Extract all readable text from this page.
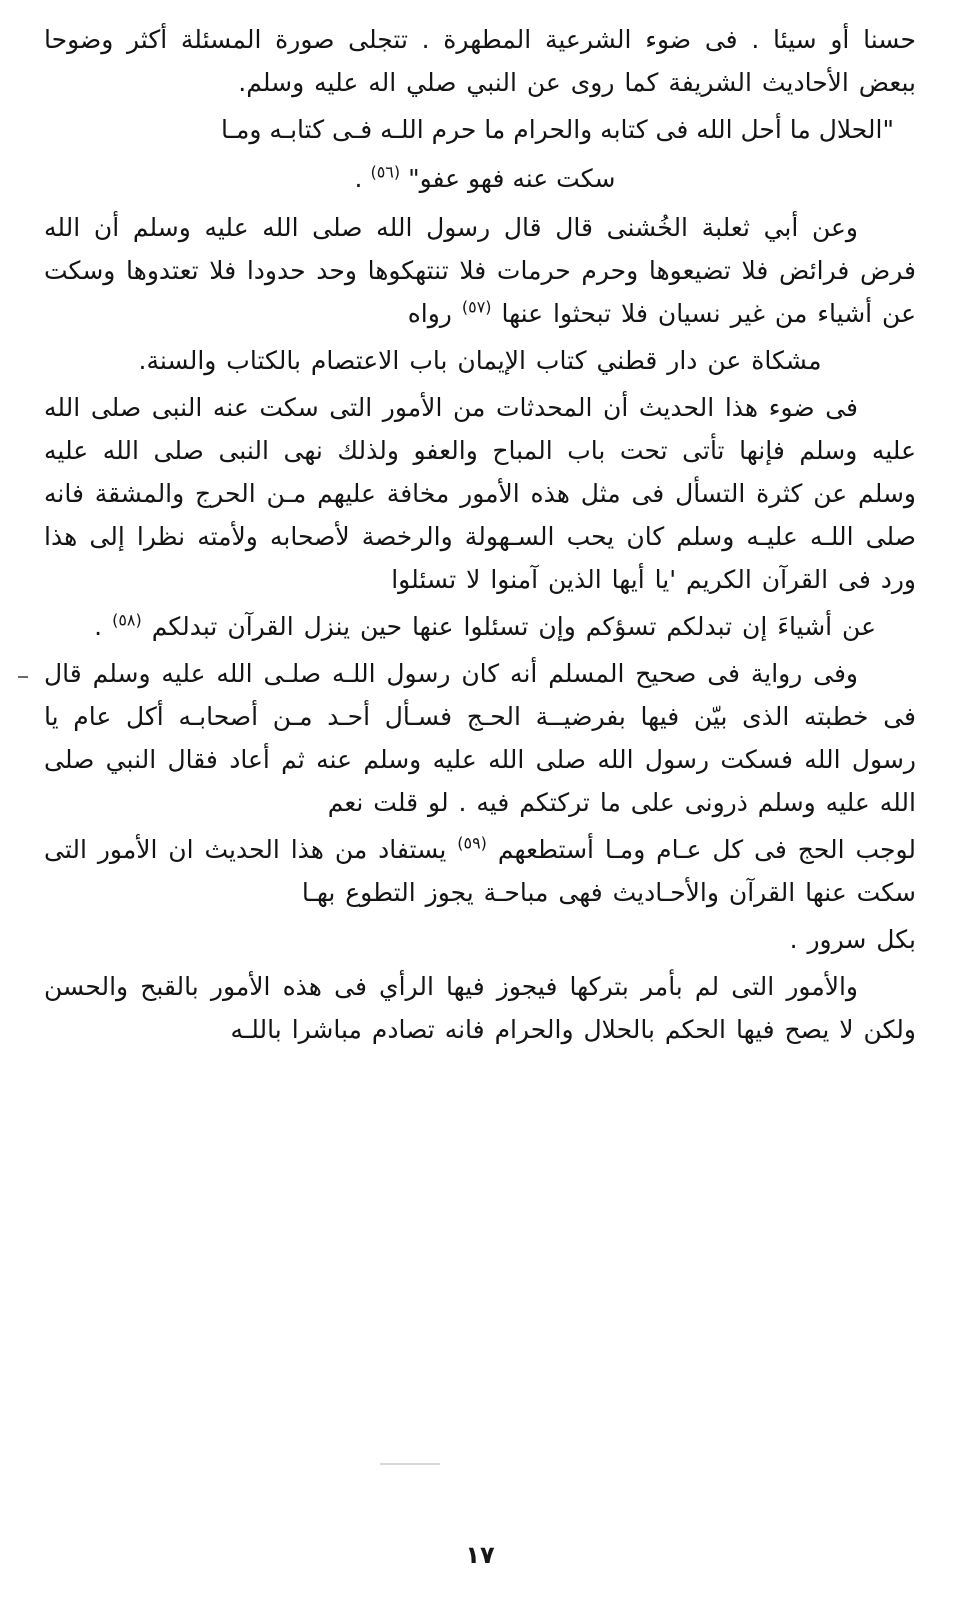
حسنا أو سيئا . فى ضوء الشرعية المطهرة . تتجلى صورة المسئلة أكثر وضوحا ببعض الأحاديث الشريفة كما روى عن النبي صلي اله عليه وسلم.

"الحلال ما أحل الله فى كتابه والحرام ما حرم اللـه فـى كتابـه ومـا

سكت عنه فهو عفو" $^{(٥٦)}$ .

وعن أبي ثعلبة الخُشنى قال قال رسول الله صلى الله عليه وسلم أن الله فرض فرائض فلا تضيعوها وحرم حرمات فلا تنتهكوها وحد حدودا فلا تعتدوها وسكت عن أشياء من غير نسيان فلا تبحثوا عنها $^{(٥٧)}$ رواه

مشكاة عن دار قطني كتاب الإيمان باب الاعتصام بالكتاب والسنة.

فى ضوء هذا الحديث أن المحدثات من الأمور التى سكت عنه النبى صلى الله عليه وسلم فإنها تأتى تحت باب المباح والعفو ولذلك نهى النبى صلى الله عليه وسلم عن كثرة التسأل فى مثل هذه الأمور مخافة عليهم مـن الحرج والمشقة فانه صلى اللـه عليـه وسلم كان يحب السـهولة والرخصة لأصحابه ولأمته نظرا إلى هذا ورد فى القرآن الكريم 'يا أيها الذين آمنوا لا تسئلوا

عن أشياءَ إن تبدلكم تسؤكم وإن تسئلوا عنها حين ينزل القرآن تبدلكم $^{(٥٨)}$ .

وفى رواية فى صحيح المسلم أنه كان رسول اللـه صلـى الله عليه وسلم قال فى خطبته الذى بيّن فيها بفرضيــة الحـج فسـأل أحـد مـن أصحابـه أكل عام يا رسول الله فسكت رسول الله صلى الله عليه وسلم عنه ثم أعاد فقال النبي صلى الله عليه وسلم ذرونى على ما تركتكم فيه . لو قلت نعم

لوجب الحج فى كل عـام ومـا أستطعهم $^{(٥٩)}$ يستفاد من هذا الحديث ان الأمور التى سكت عنها القرآن والأحـاديث فهى مباحـة يجوز التطوع بهـا

بكل سرور .

والأمور التى لم بأمر بتركها فيجوز فيها الرأي فى هذه الأمور بالقبح والحسن ولكن لا يصح فيها الحكم بالحلال والحرام فانه تصادم مباشرا باللـه

١٧
